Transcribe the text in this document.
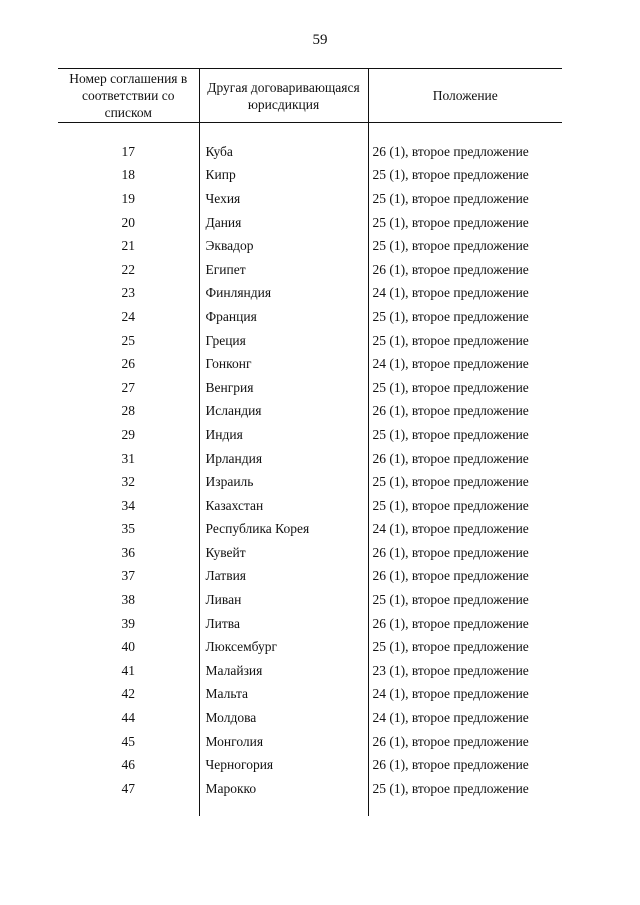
59
Номер соглашения в соответствии со списком	Другая договаривающаяся юрисдикция	Положение

17	Куба	26 (1), второе предложение
18	Кипр	25 (1), второе предложение
19	Чехия	25 (1), второе предложение
20	Дания	25 (1), второе предложение
21	Эквадор	25 (1), второе предложение
22	Египет	26 (1), второе предложение
23	Финляндия	24 (1), второе предложение
24	Франция	25 (1), второе предложение
25	Греция	25 (1), второе предложение
26	Гонконг	24 (1), второе предложение
27	Венгрия	25 (1), второе предложение
28	Исландия	26 (1), второе предложение
29	Индия	25 (1), второе предложение
31	Ирландия	26 (1), второе предложение
32	Израиль	25 (1), второе предложение
34	Казахстан	25 (1), второе предложение
35	Республика Корея	24 (1), второе предложение
36	Кувейт	26 (1), второе предложение
37	Латвия	26 (1), второе предложение
38	Ливан	25 (1), второе предложение
39	Литва	26 (1), второе предложение
40	Люксембург	25 (1), второе предложение
41	Малайзия	23 (1), второе предложение
42	Мальта	24 (1), второе предложение
44	Молдова	24 (1), второе предложение
45	Монголия	26 (1), второе предложение
46	Черногория	26 (1), второе предложение
47	Марокко	25 (1), второе предложение
